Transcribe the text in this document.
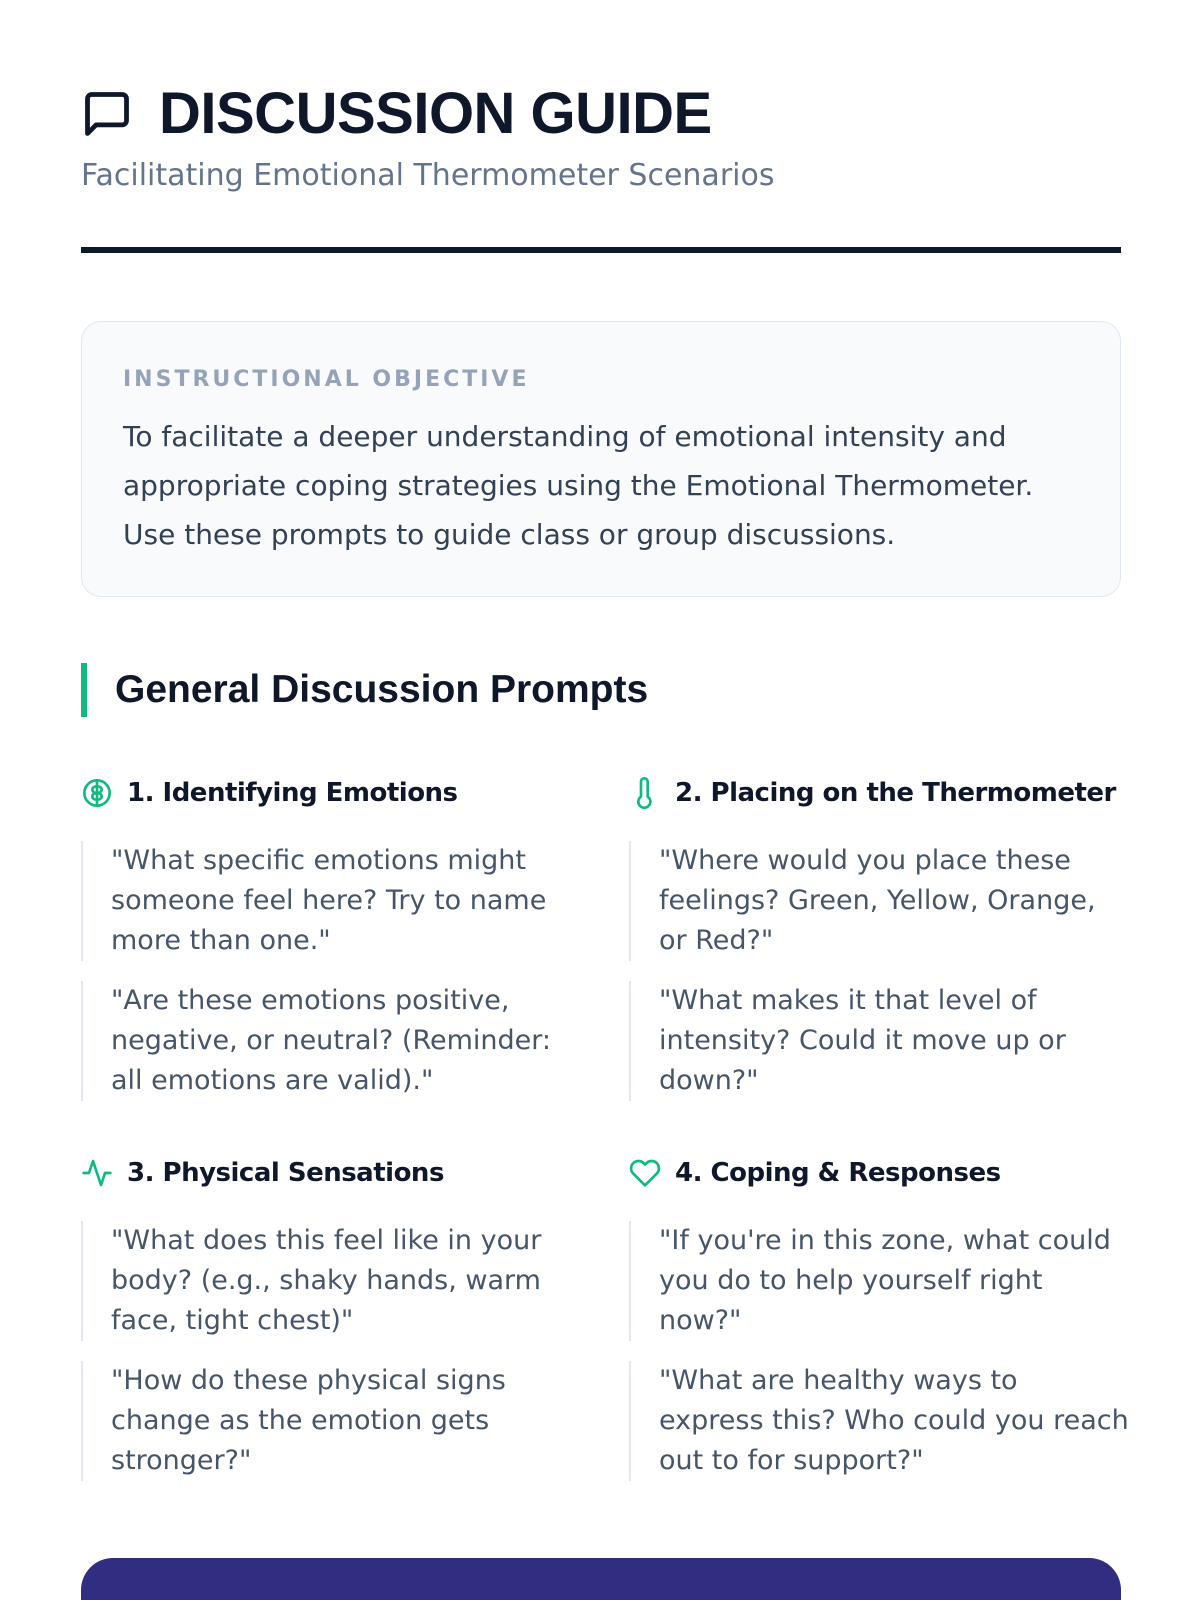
DISCUSSION GUIDE
Facilitating Emotional Thermometer Scenarios
INSTRUCTIONAL OBJECTIVE

To facilitate a deeper understanding of emotional intensity and appropriate coping strategies using the Emotional Thermometer. Use these prompts to guide class or group discussions.

General Discussion Prompts
1. Identifying Emotions

"What specific emotions might someone feel here? Try to name more than one."

"Are these emotions positive, negative, or neutral? (Reminder: all emotions are valid)."

2. Placing on the Thermometer

"Where would you place these feelings? Green, Yellow, Orange, or Red?"

"What makes it that level of intensity? Could it move up or down?"

3. Physical Sensations

"What does this feel like in your body? (e.g., shaky hands, warm face, tight chest)"

"How do these physical signs change as the emotion gets stronger?"

4. Coping & Responses

"If you're in this zone, what could you do to help yourself right now?"

"What are healthy ways to express this? Who could you reach out to for support?"
